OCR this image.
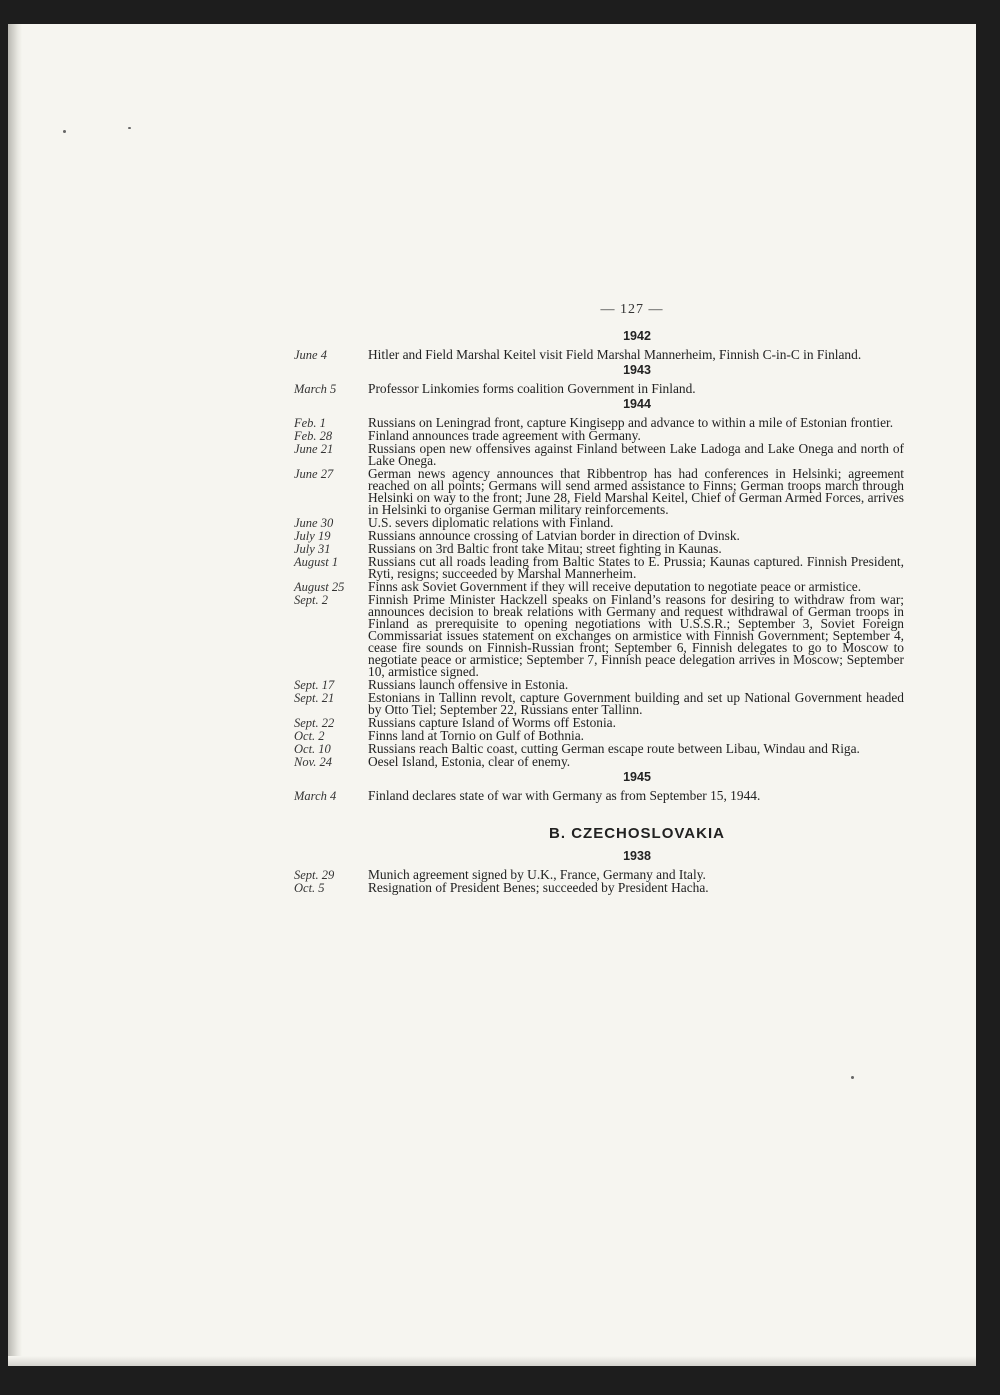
— 127 —
1942
June 4	Hitler and Field Marshal Keitel visit Field Marshal Mannerheim, Finnish C-in-C in Finland.
1943
March 5	Professor Linkomies forms coalition Government in Finland.
1944
Feb. 1	Russians on Leningrad front, capture Kingisepp and advance to within a mile of Estonian frontier.
Feb. 28	Finland announces trade agreement with Germany.
June 21	Russians open new offensives against Finland between Lake Ladoga and Lake Onega and north of Lake Onega.
June 27	German news agency announces that Ribbentrop has had conferences in Helsinki; agreement reached on all points; Germans will send armed assistance to Finns; German troops march through Helsinki on way to the front; June 28, Field Marshal Keitel, Chief of German Armed Forces, arrives in Helsinki to organise German military reinforcements.
June 30	U.S. severs diplomatic relations with Finland.
July 19	Russians announce crossing of Latvian border in direction of Dvinsk.
July 31	Russians on 3rd Baltic front take Mitau; street fighting in Kaunas.
August 1	Russians cut all roads leading from Baltic States to E. Prussia; Kaunas captured. Finnish President, Ryti, resigns; succeeded by Marshal Mannerheim.
August 25	Finns ask Soviet Government if they will receive deputation to negotiate peace or armistice.
Sept. 2	Finnish Prime Minister Hackzell speaks on Finland’s reasons for desiring to withdraw from war; announces decision to break relations with Germany and request withdrawal of German troops in Finland as prerequisite to opening negotiations with U.S.S.R.; September 3, Soviet Foreign Commissariat issues statement on exchanges on armistice with Finnish Government; September 4, cease fire sounds on Finnish-Russian front; September 6, Finnish delegates to go to Moscow to negotiate peace or armistice; September 7, Finnish peace delegation arrives in Moscow; September 10, armistice signed.
Sept. 17	Russians launch offensive in Estonia.
Sept. 21	Estonians in Tallinn revolt, capture Government building and set up National Government headed by Otto Tiel; September 22, Russians enter Tallinn.
Sept. 22	Russians capture Island of Worms off Estonia.
Oct. 2	Finns land at Tornio on Gulf of Bothnia.
Oct. 10	Russians reach Baltic coast, cutting German escape route between Libau, Windau and Riga.
Nov. 24	Oesel Island, Estonia, clear of enemy.
1945
March 4	Finland declares state of war with Germany as from September 15, 1944.
B. CZECHOSLOVAKIA
1938
Sept. 29	Munich agreement signed by U.K., France, Germany and Italy.
Oct. 5	Resignation of President Benes; succeeded by President Hacha.
